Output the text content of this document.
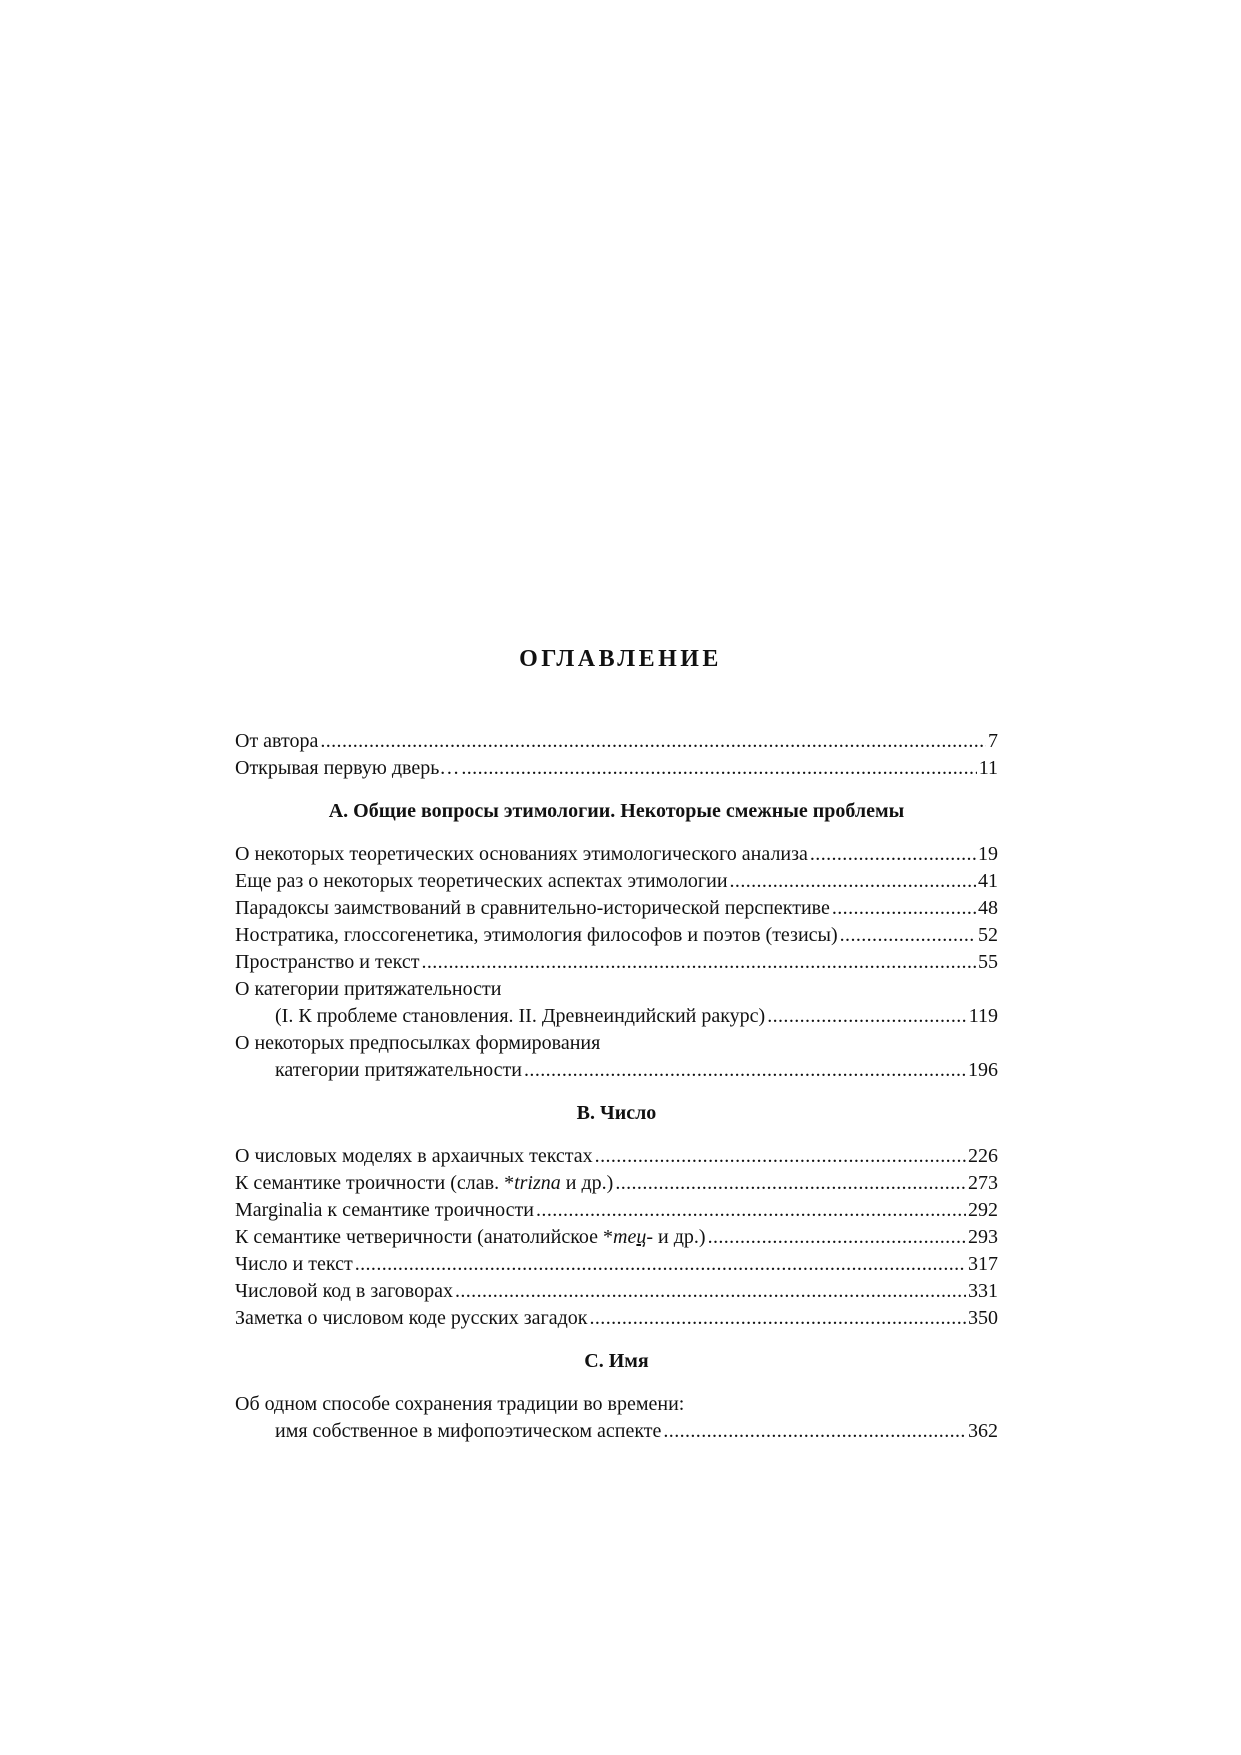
ОГЛАВЛЕНИЕ
От автора .....	7
Открывая первую дверь… .....	11
А. Общие вопросы этимологии. Некоторые смежные проблемы
О некоторых теоретических основаниях этимологического анализа .....	19
Еще раз о некоторых теоретических аспектах этимологии .....	41
Парадоксы заимствований в сравнительно-исторической перспективе .....	48
Ностратика, глоссогенетика, этимология философов и поэтов (тезисы) .....	52
Пространство и текст .....	55
О категории притяжательности
(I. К проблеме становления. II. Древнеиндийский ракурс) .....	119
О некоторых предпосылках формирования
категории притяжательности .....	196
В. Число
О числовых моделях в архаичных текстах .....	226
К семантике троичности (слав. *trizna и др.) .....	273
Marginalia к семантике троичности .....	292
К семантике четверичности (анатолийское *тец- и др.) .....	293
Число и текст .....	317
Числовой код в заговорах .....	331
Заметка о числовом коде русских загадок .....	350
С. Имя
Об одном способе сохранения традиции во времени:
имя собственное в мифопоэтическом аспекте .....	362
